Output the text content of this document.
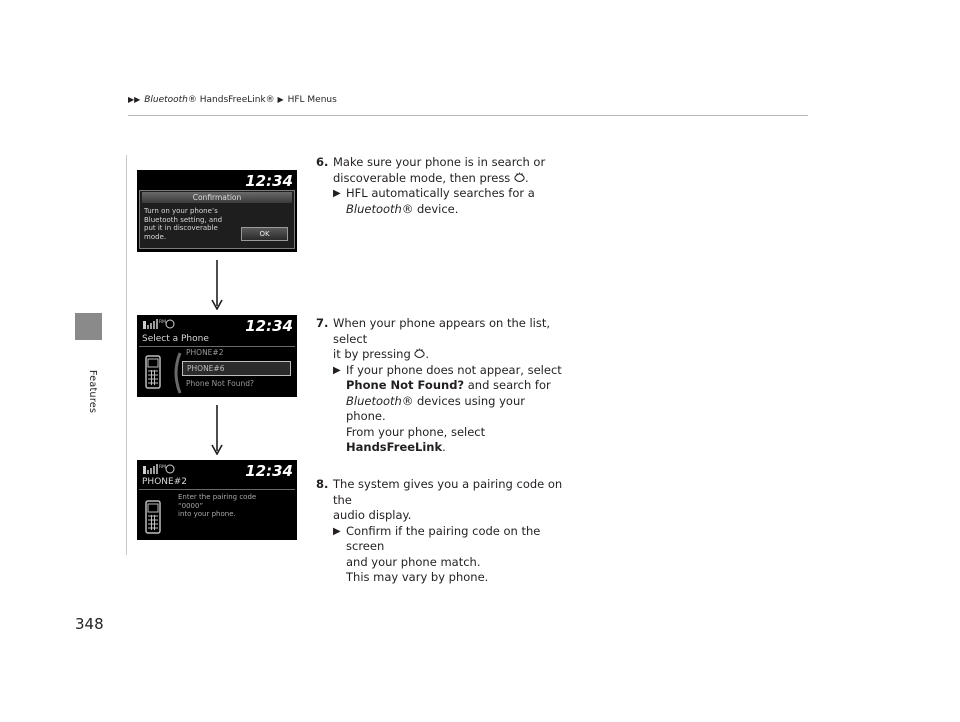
▶▶ Bluetooth® HandsFreeLink® ▶ HFL Menus
Features
12:34
Confirmation
Turn on your phone’s
Bluetooth setting, and
put it in discoverable
mode.	OK
RM	12:34
Select a Phone
PHONE#2
PHONE#6
Phone Not Found?
RM	12:34
PHONE#2
Enter the pairing code
“0000”
into your phone.
6. Make sure your phone is in search or
discoverable mode, then press .
▶ HFL automatically searches for a
Bluetooth® device.
7. When your phone appears on the list, select
it by pressing .
▶ If your phone does not appear, select
Phone Not Found? and search for
Bluetooth® devices using your phone.
From your phone, select
HandsFreeLink.
8. The system gives you a pairing code on the
audio display.
▶ Confirm if the pairing code on the screen
and your phone match.
This may vary by phone.
348
